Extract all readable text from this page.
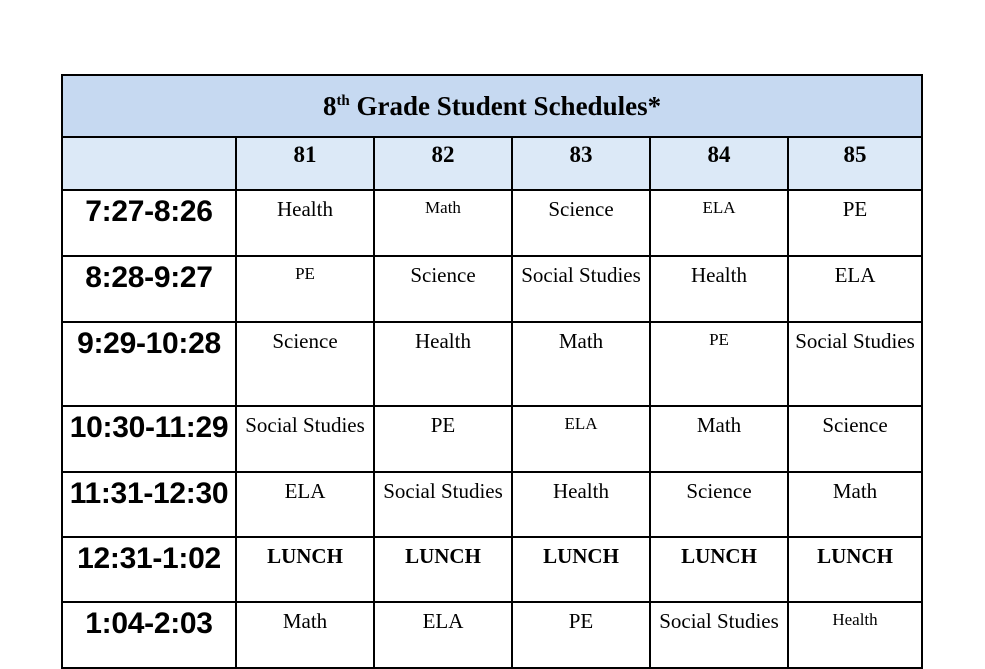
8th Grade Student Schedules*					
	81	82	83	84	85
7:27-8:26	Health	Math	Science	ELA	PE
8:28-9:27	PE	Science	Social Studies	Health	ELA
9:29-10:28	Science	Health	Math	PE	Social Studies
10:30-11:29	Social Studies	PE	ELA	Math	Science
11:31-12:30	ELA	Social Studies	Health	Science	Math
12:31-1:02	LUNCH	LUNCH	LUNCH	LUNCH	LUNCH
1:04-2:03	Math	ELA	PE	Social Studies	Health
